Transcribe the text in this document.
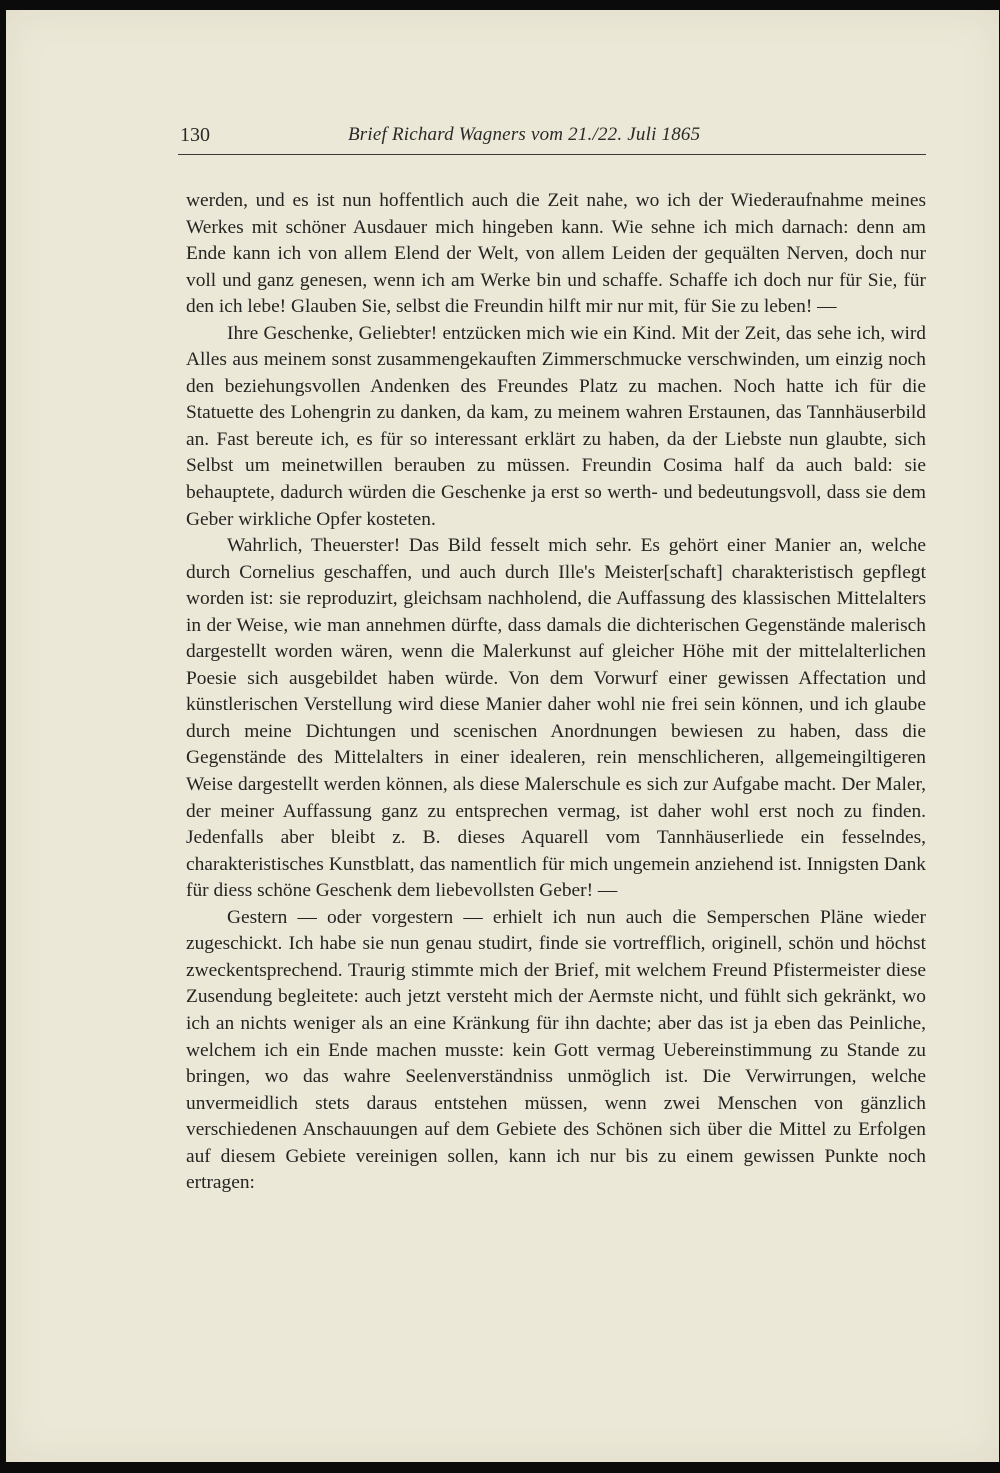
130	Brief Richard Wagners vom 21./22. Juli 1865

werden, und es ist nun hoffentlich auch die Zeit nahe, wo ich der Wiederaufnahme meines Werkes mit schöner Ausdauer mich hingeben kann. Wie sehne ich mich darnach: denn am Ende kann ich von allem Elend der Welt, von allem Leiden der gequälten Nerven, doch nur voll und ganz genesen, wenn ich am Werke bin und schaffe. Schaffe ich doch nur für Sie, für den ich lebe! Glauben Sie, selbst die Freundin hilft mir nur mit, für Sie zu leben! —

Ihre Geschenke, Geliebter! entzücken mich wie ein Kind. Mit der Zeit, das sehe ich, wird Alles aus meinem sonst zusammengekauften Zimmerschmucke verschwinden, um einzig noch den beziehungsvollen Andenken des Freundes Platz zu machen. Noch hatte ich für die Statuette des Lohengrin zu danken, da kam, zu meinem wahren Erstaunen, das Tannhäuserbild an. Fast bereute ich, es für so interessant erklärt zu haben, da der Liebste nun glaubte, sich Selbst um meinetwillen berauben zu müssen. Freundin Cosima half da auch bald: sie behauptete, dadurch würden die Geschenke ja erst so werth- und bedeutungsvoll, dass sie dem Geber wirkliche Opfer kosteten.

Wahrlich, Theuerster! Das Bild fesselt mich sehr. Es gehört einer Manier an, welche durch Cornelius geschaffen, und auch durch Ille's Meister[schaft] charakteristisch gepflegt worden ist: sie reproduzirt, gleichsam nachholend, die Auffassung des klassischen Mittelalters in der Weise, wie man annehmen dürfte, dass damals die dichterischen Gegenstände malerisch dargestellt worden wären, wenn die Malerkunst auf gleicher Höhe mit der mittelalterlichen Poesie sich ausgebildet haben würde. Von dem Vorwurf einer gewissen Affectation und künstlerischen Verstellung wird diese Manier daher wohl nie frei sein können, und ich glaube durch meine Dichtungen und scenischen Anordnungen bewiesen zu haben, dass die Gegenstände des Mittelalters in einer idealeren, rein menschlicheren, allgemeingiltigeren Weise dargestellt werden können, als diese Malerschule es sich zur Aufgabe macht. Der Maler, der meiner Auffassung ganz zu entsprechen vermag, ist daher wohl erst noch zu finden. Jedenfalls aber bleibt z. B. dieses Aquarell vom Tannhäuserliede ein fesselndes, charakteristisches Kunstblatt, das namentlich für mich ungemein anziehend ist. Innigsten Dank für diess schöne Geschenk dem liebevollsten Geber! —

Gestern — oder vorgestern — erhielt ich nun auch die Semperschen Pläne wieder zugeschickt. Ich habe sie nun genau studirt, finde sie vortrefflich, originell, schön und höchst zweckentsprechend. Traurig stimmte mich der Brief, mit welchem Freund Pfistermeister diese Zusendung begleitete: auch jetzt versteht mich der Aermste nicht, und fühlt sich gekränkt, wo ich an nichts weniger als an eine Kränkung für ihn dachte; aber das ist ja eben das Peinliche, welchem ich ein Ende machen musste: kein Gott vermag Uebereinstimmung zu Stande zu bringen, wo das wahre Seelenverständniss unmöglich ist. Die Verwirrungen, welche unvermeidlich stets daraus entstehen müssen, wenn zwei Menschen von gänzlich verschiedenen Anschauungen auf dem Gebiete des Schönen sich über die Mittel zu Erfolgen auf diesem Gebiete vereinigen sollen, kann ich nur bis zu einem gewissen Punkte noch ertragen:
